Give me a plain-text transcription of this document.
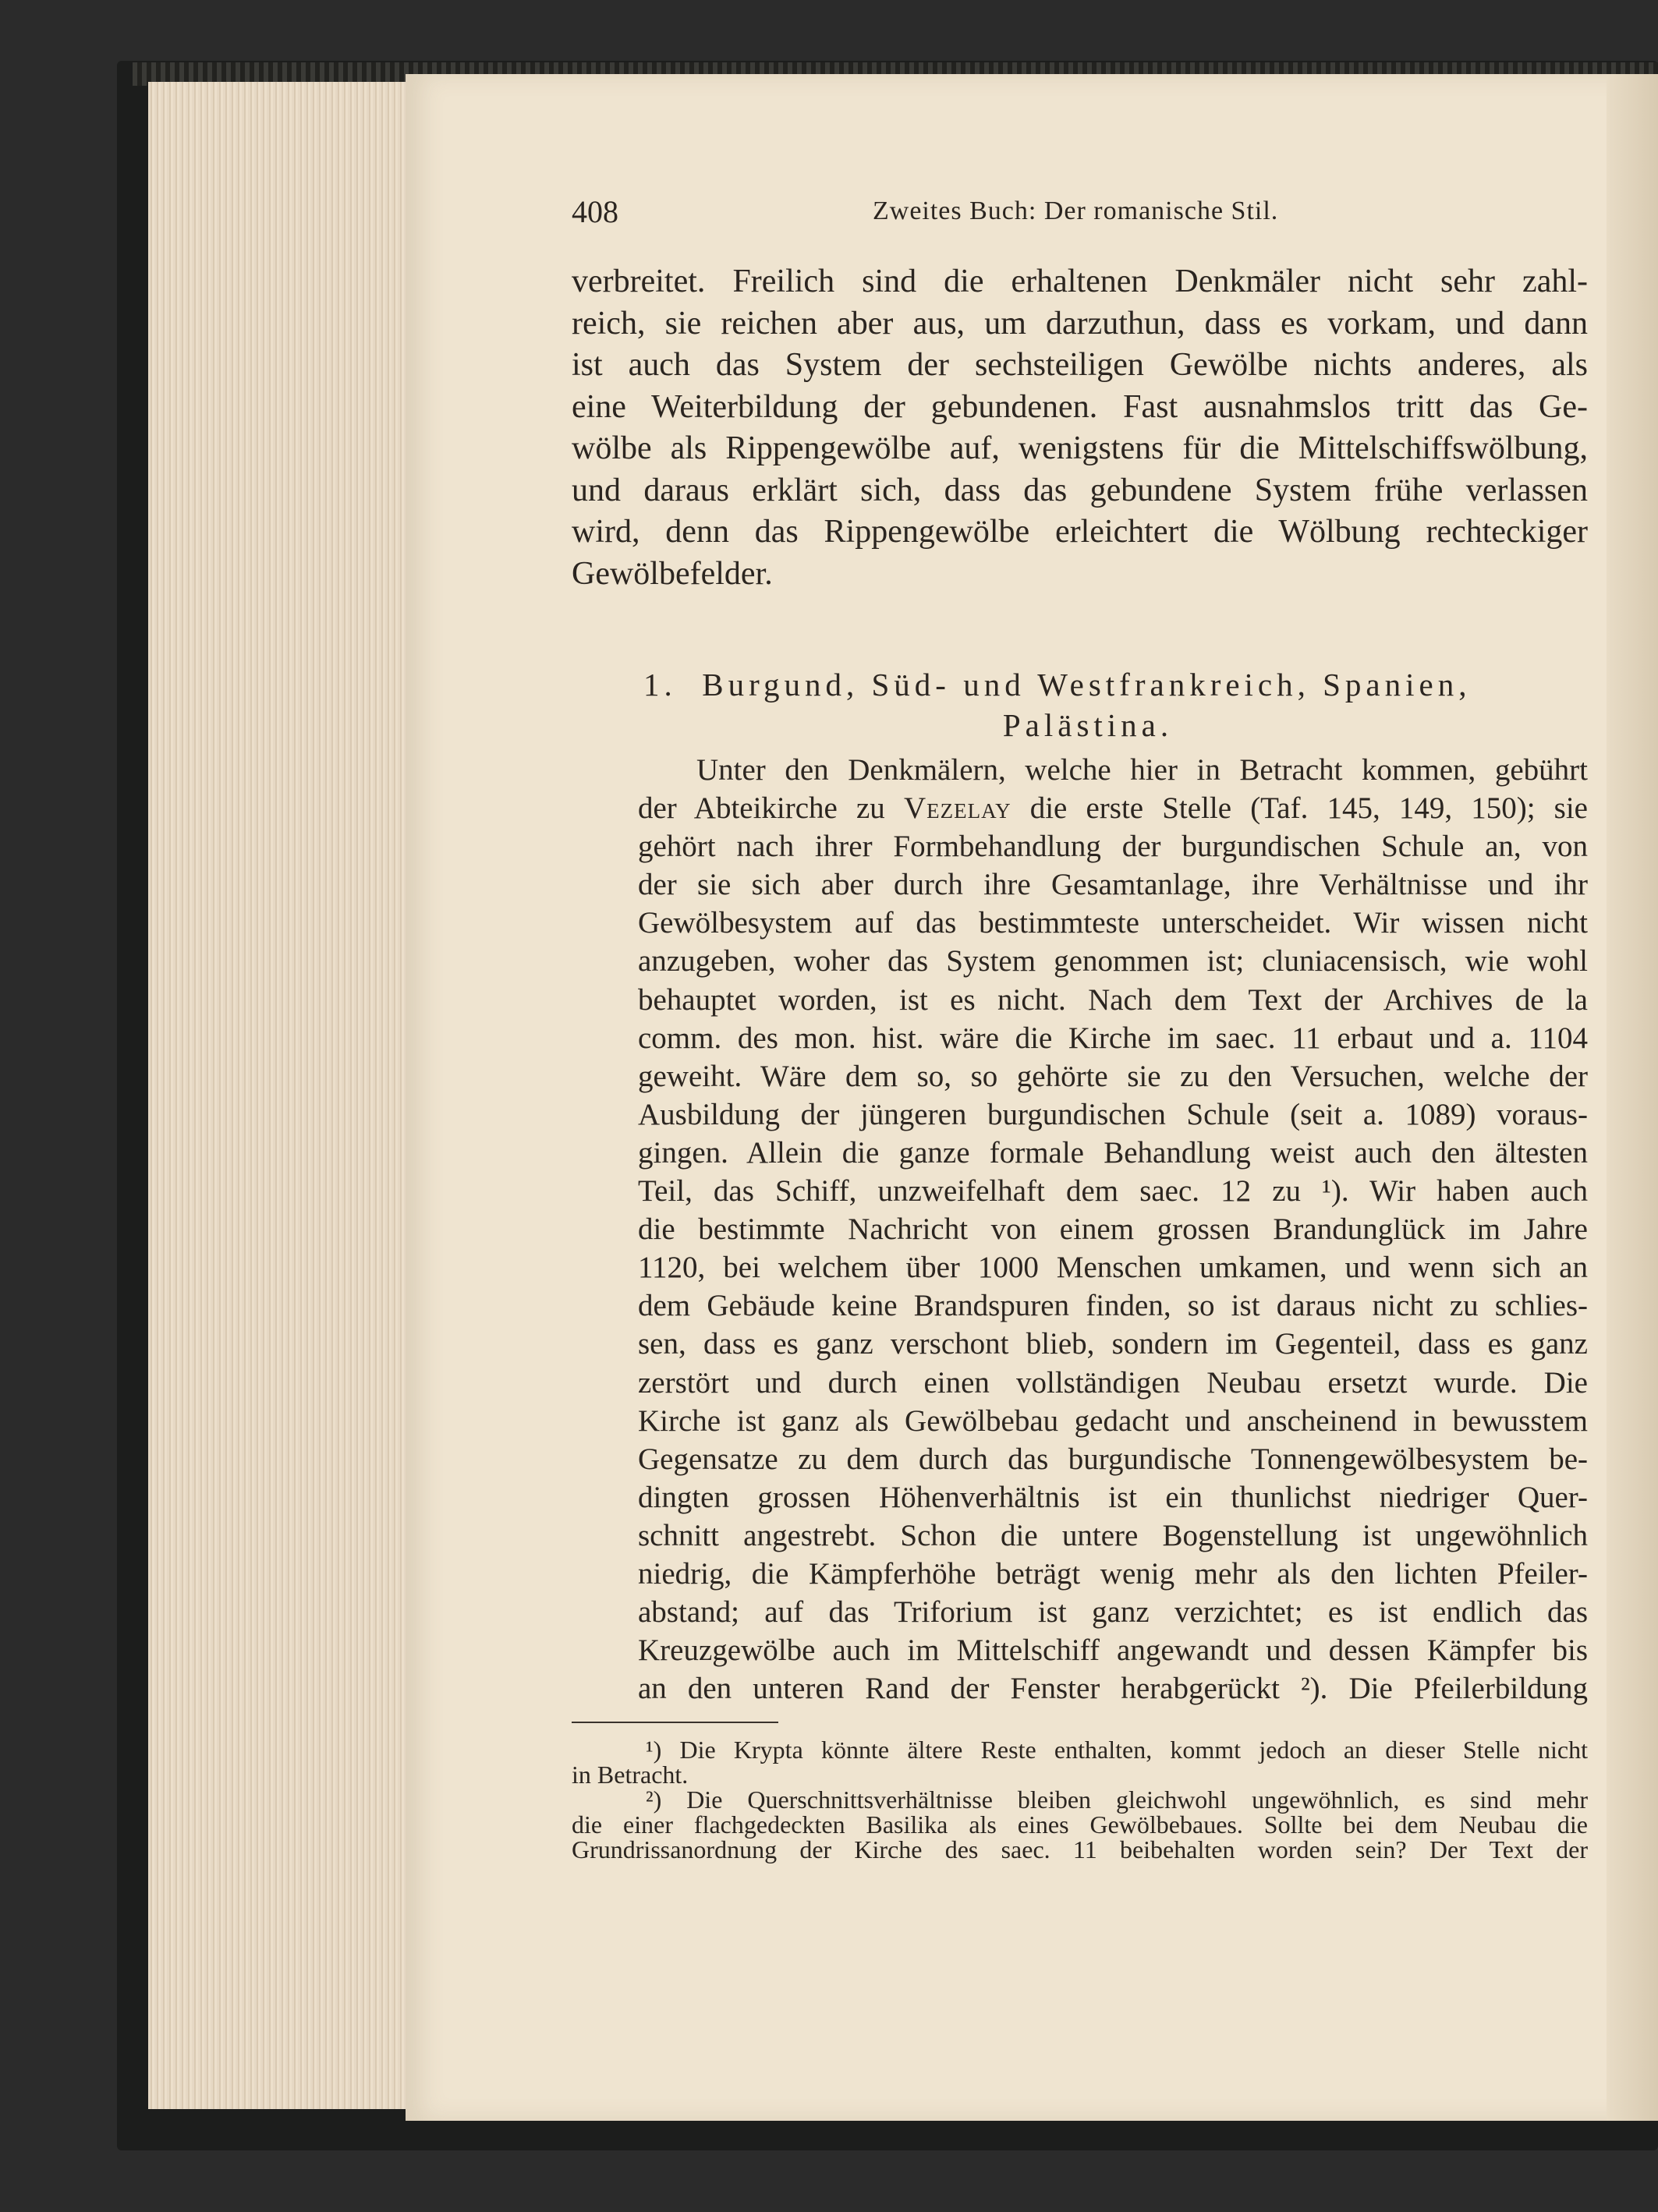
408	Zweites Buch: Der romanische Stil.
verbreitet. Freilich sind die erhaltenen Denkmäler nicht sehr zahl-
reich, sie reichen aber aus, um darzuthun, dass es vorkam, und dann
ist auch das System der sechsteiligen Gewölbe nichts anderes, als
eine Weiterbildung der gebundenen. Fast ausnahmslos tritt das Ge-
wölbe als Rippengewölbe auf, wenigstens für die Mittelschiffswölbung,
und daraus erklärt sich, dass das gebundene System frühe verlassen
wird, denn das Rippengewölbe erleichtert die Wölbung rechteckiger
Gewölbefelder.
1. Burgund, Süd- und Westfrankreich, Spanien,
Palästina.
Unter den Denkmälern, welche hier in Betracht kommen, gebührt
der Abteikirche zu Vezelay die erste Stelle (Taf. 145, 149, 150); sie
gehört nach ihrer Formbehandlung der burgundischen Schule an, von
der sie sich aber durch ihre Gesamtanlage, ihre Verhältnisse und ihr
Gewölbesystem auf das bestimmteste unterscheidet. Wir wissen nicht
anzugeben, woher das System genommen ist; cluniacensisch, wie wohl
behauptet worden, ist es nicht. Nach dem Text der Archives de la
comm. des mon. hist. wäre die Kirche im saec. 11 erbaut und a. 1104
geweiht. Wäre dem so, so gehörte sie zu den Versuchen, welche der
Ausbildung der jüngeren burgundischen Schule (seit a. 1089) voraus-
gingen. Allein die ganze formale Behandlung weist auch den ältesten
Teil, das Schiff, unzweifelhaft dem saec. 12 zu ¹). Wir haben auch
die bestimmte Nachricht von einem grossen Brandunglück im Jahre
1120, bei welchem über 1000 Menschen umkamen, und wenn sich an
dem Gebäude keine Brandspuren finden, so ist daraus nicht zu schlies-
sen, dass es ganz verschont blieb, sondern im Gegenteil, dass es ganz
zerstört und durch einen vollständigen Neubau ersetzt wurde. Die
Kirche ist ganz als Gewölbebau gedacht und anscheinend in bewusstem
Gegensatze zu dem durch das burgundische Tonnengewölbesystem be-
dingten grossen Höhenverhältnis ist ein thunlichst niedriger Quer-
schnitt angestrebt. Schon die untere Bogenstellung ist ungewöhnlich
niedrig, die Kämpferhöhe beträgt wenig mehr als den lichten Pfeiler-
abstand; auf das Triforium ist ganz verzichtet; es ist endlich das
Kreuzgewölbe auch im Mittelschiff angewandt und dessen Kämpfer bis
an den unteren Rand der Fenster herabgerückt ²). Die Pfeilerbildung
¹) Die Krypta könnte ältere Reste enthalten, kommt jedoch an dieser Stelle nicht
in Betracht.
²) Die Querschnittsverhältnisse bleiben gleichwohl ungewöhnlich, es sind mehr
die einer flachgedeckten Basilika als eines Gewölbebaues. Sollte bei dem Neubau die
Grundrissanordnung der Kirche des saec. 11 beibehalten worden sein? Der Text der
